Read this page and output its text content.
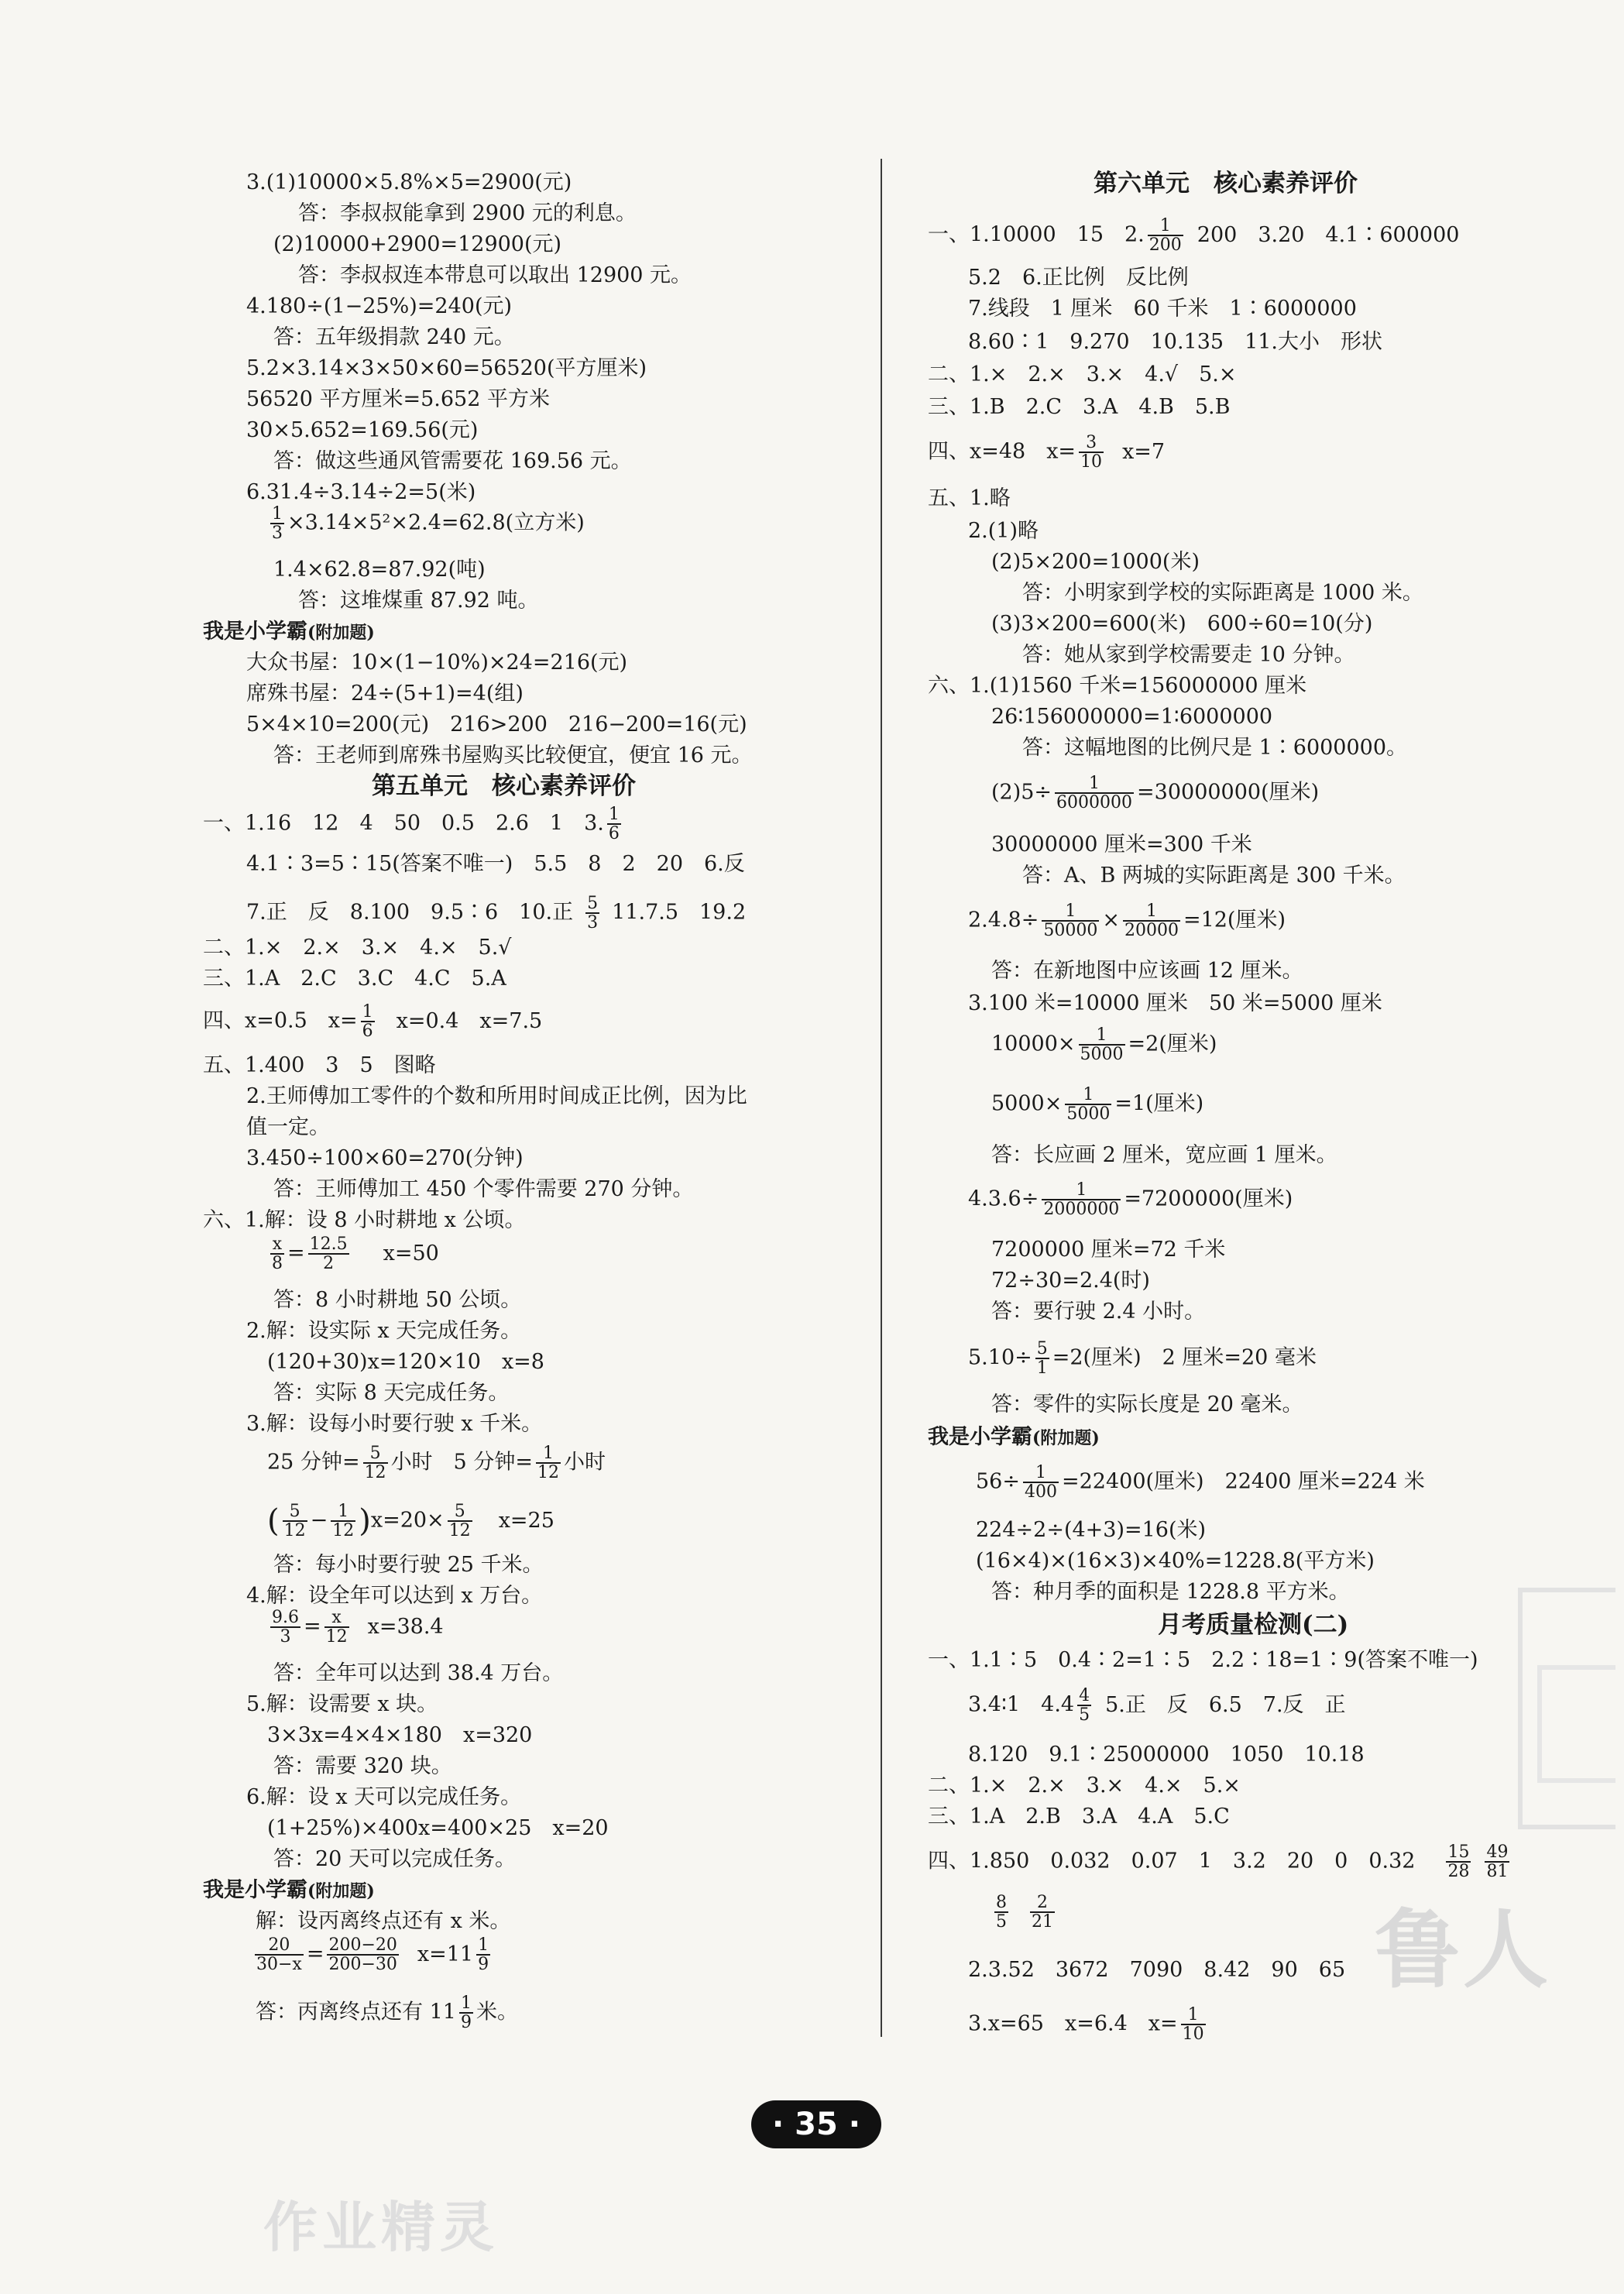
3.(1)10000×5.8%×5=2900(元)
答：李叔叔能拿到 2900 元的利息。
(2)10000+2900=12900(元)
答：李叔叔连本带息可以取出 12900 元。
4.180÷(1−25%)=240(元)
答：五年级捐款 240 元。
5.2×3.14×3×50×60=56520(平方厘米)
56520 平方厘米=5.652 平方米
30×5.652=169.56(元)
答：做这些通风管需要花 169.56 元。
6.31.4÷3.14÷2=5(米)
$\frac{1}{3} \times 3.14\times 5^2\times 2.4=62.8$(立方米)
1.4×62.8=87.92(吨)
答：这堆煤重 87.92 吨。
我是小学霸(附加题)
大众书屋：10×(1−10%)×24=216(元)
席殊书屋：24÷(5+1)=4(组)
5×4×10=200(元)　216>200　216−200=16(元)
答：王老师到席殊书屋购买比较便宜，便宜 16 元。
第五单元　核心素养评价
一、1.16　12　4　50　0.5　2.6　1　3. $\frac{1}{6}$
4.1∶3=5∶15(答案不唯一)　5.5　8　2　20　6.反
7.正　反　8.100　9.5∶6　10.正 $\frac{5}{3} 11.7.5$　19.2
二、1.×　2.×　3.×　4.×　5.√
三、1.A　2.C　3.C　4.C　5.A
四、x=0.5　$x= \frac{1}{6} x=0.4$　x=7.5
五、1.400　3　5　图略
2.王师傅加工零件的个数和所用时间成正比例，因为比
值一定。
3.450÷100×60=270(分钟)
答：王师傅加工 450 个零件需要 270 分钟。
六、1.解：设 8 小时耕地 x 公顷。
$\frac{x}{8} = \frac{12.5}{2} x=50$
答：8 小时耕地 50 公顷。
2.解：设实际 x 天完成任务。
(120+30)x=120×10　x=8
答：实际 8 天完成任务。
3.解：设每小时要行驶 x 千米。
25 分钟= $\frac{5}{12}$ 小时　5 分钟= $\frac{1}{12}$ 小时
( $\frac{5}{12} - \frac{1}{12} )x=20\times \frac{5}{12} x=25$
答：每小时要行驶 25 千米。
4.解：设全年可以达到 x 万台。
$\frac{9.6}{3} = \frac{x}{12} x=38.4$
答：全年可以达到 38.4 万台。
5.解：设需要 x 块。
3×3x=4×4×180　x=320
答：需要 320 块。
6.解：设 x 天可以完成任务。
(1+25%)×400x=400×25　x=20
答：20 天可以完成任务。
我是小学霸(附加题)
解：设丙离终点还有 x 米。
$\frac{20}{30-x} = \frac{200-20}{200-30} x=11 \frac{1}{9}$
答：丙离终点还有 $11 \frac{1}{9}$ 米。
第六单元　核心素养评价
一、1.10000　15　2. $\frac{1}{200} 200$　3.20　4.1∶600000
5.2　6.正比例　反比例
7.线段　1 厘米　60 千米　1∶6000000
8.60∶1　9.270　10.135　11.大小　形状
二、1.×　2.×　3.×　4.√　5.×
三、1.B　2.C　3.A　4.B　5.B
四、x=48　$x= \frac{3}{10} x=7$
五、1.略
2.(1)略
(2)5×200=1000(米)
答：小明家到学校的实际距离是 1000 米。
(3)3×200=600(米)　600÷60=10(分)
答：她从家到学校需要走 10 分钟。
六、1.(1)1560 千米=156000000 厘米
26∶156000000=1∶6000000
答：这幅地图的比例尺是 1∶6000000。
$(2)5\div \frac{1}{6000000} =30000000$(厘米)
30000000 厘米=300 千米
答：A、B 两城的实际距离是 300 千米。
$2.4.8\div \frac{1}{50000} \times \frac{1}{20000} =12$(厘米)
答：在新地图中应该画 12 厘米。
3.100 米=10000 厘米　50 米=5000 厘米
$10000\times \frac{1}{5000} =2$(厘米)
$5000\times \frac{1}{5000} =1$(厘米)
答：长应画 2 厘米，宽应画 1 厘米。
$4.3.6\div \frac{1}{2000000} =7200000$(厘米)
7200000 厘米=72 千米
72÷30=2.4(时)
答：要行驶 2.4 小时。
$5.10\div \frac{5}{1} =2$(厘米)　2 厘米=20 毫米
答：零件的实际长度是 20 毫米。
我是小学霸(附加题)
$56\div \frac{1}{400} =22400$(厘米)　22400 厘米=224 米
224÷2÷(4+3)=16(米)
(16×4)×(16×3)×40%=1228.8(平方米)
答：种月季的面积是 1228.8 平方米。
月考质量检测(二)
一、1.1∶5　0.4∶2=1∶5　2.2∶18=1∶9(答案不唯一)
3.4∶1　$4.4 \frac{4}{5} 5$.正　反　6.5　7.反　正
8.120　9.1∶25000000　1050　10.18
二、1.×　2.×　3.×　4.×　5.×
三、1.A　2.B　3.A　4.A　5.C
四、1.850　0.032　0.07　1　3.2　20　0　$0.32 \frac{15}{28} \frac{49}{81}$
$\frac{8}{5} \frac{2}{21}$
2.3.52　3672　7090　8.42　90　65
3.x=65　x=6.4　$x= \frac{1}{10}$
鲁人
作业精灵
· 35 ·
